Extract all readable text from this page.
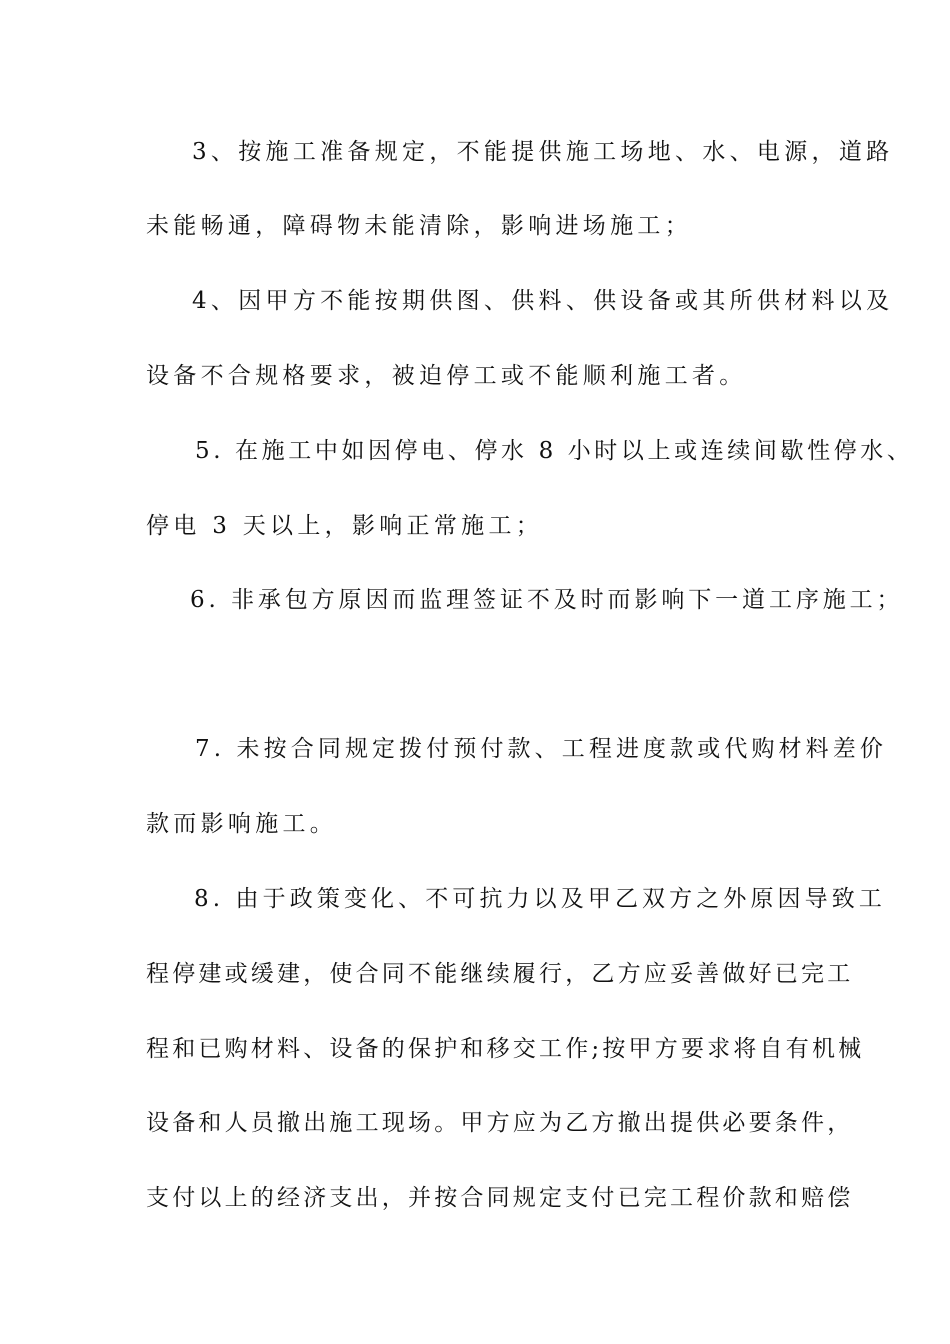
3、按施工准备规定，不能提供施工场地、水、电源，道路
未能畅通，障碍物未能清除，影响进场施工；
4、因甲方不能按期供图、供料、供设备或其所供材料以及
设备不合规格要求，被迫停工或不能顺利施工者。
5. 在施工中如因停电、停水 8 小时以上或连续间歇性停水、
停电 3 天以上，影响正常施工；
6. 非承包方原因而监理签证不及时而影响下一道工序施工；
7. 未按合同规定拨付预付款、工程进度款或代购材料差价
款而影响施工。
8. 由于政策变化、不可抗力以及甲乙双方之外原因导致工
程停建或缓建，使合同不能继续履行，乙方应妥善做好已完工
程和已购材料、设备的保护和移交工作;按甲方要求将自有机械
设备和人员撤出施工现场。甲方应为乙方撤出提供必要条件，
支付以上的经济支出，并按合同规定支付已完工程价款和赔偿
